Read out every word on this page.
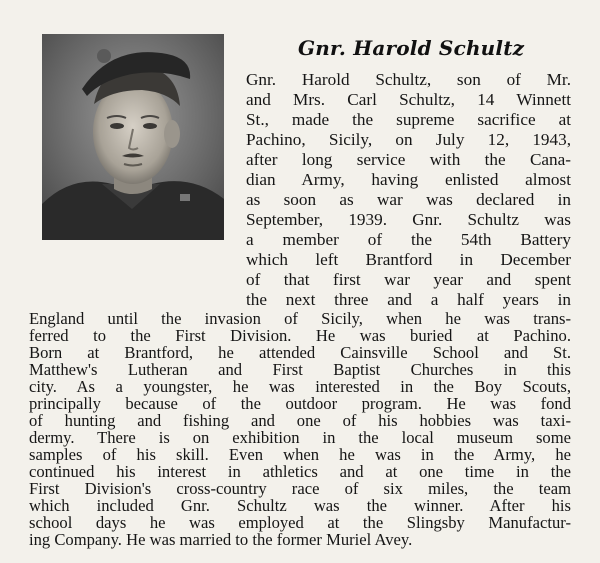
Gnr. Harold Schultz
Gnr. Harold Schultz, son of Mr.
and Mrs. Carl Schultz, 14 Winnett
St., made the supreme sacrifice at
Pachino, Sicily, on July 12, 1943,
after long service with the Cana-
dian Army, having enlisted almost
as soon as war was declared in
September, 1939. Gnr. Schultz was
a member of the 54th Battery
which left Brantford in December
of that first war year and spent
the next three and a half years in
England until the invasion of Sicily, when he was trans-
ferred to the First Division. He was buried at Pachino.
Born at Brantford, he attended Cainsville School and St.
Matthew's Lutheran and First Baptist Churches in this
city. As a youngster, he was interested in the Boy Scouts,
principally because of the outdoor program. He was fond
of hunting and fishing and one of his hobbies was taxi-
dermy. There is on exhibition in the local museum some
samples of his skill. Even when he was in the Army, he
continued his interest in athletics and at one time in the
First Division's cross-country race of six miles, the team
which included Gnr. Schultz was the winner. After his
school days he was employed at the Slingsby Manufactur-
ing Company. He was married to the former Muriel Avey.
